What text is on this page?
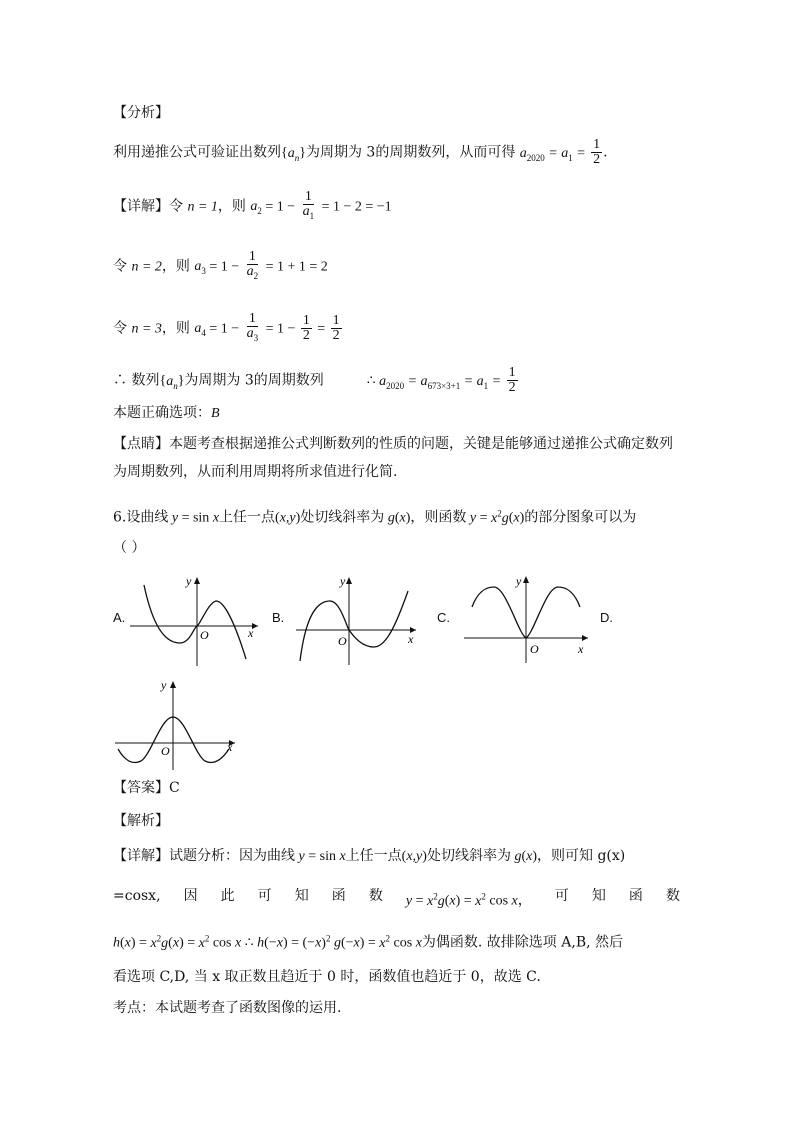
【分析】
利用递推公式可验证出数列$\{a_n\}$为周期为 3的周期数列，从而可得 $a_{2020} = a_1 = \frac{1}{2}$ .
【详解】令 n = 1，则 $a_2 = 1 - \frac{1}{a_1} = 1 - 2 = -1$
令 n = 2，则 $a_3 = 1 - \frac{1}{a_2} = 1 + 1 = 2$
令 n = 3，则 $a_4 = 1 - \frac{1}{a_3} = 1 - \frac{1}{2} = \frac{1}{2}$
∴ 数列$\{a_n\}$为周期为 3的周期数列	∴ $a_{2020} = a_{673\times 3+1} = a_1 = \frac{1}{2}$
本题正确选项：B
【点睛】本题考查根据递推公式判断数列的性质的问题，关键是能够通过递推公式确定数列
为周期数列，从而利用周期将所求值进行化简.
6.设曲线 y = sin x上任一点(x,y)处切线斜率为 g(x)，则函数 $y = x^2g(x)$的部分图象可以为
（ ）
A.	B.	C.	D.
y
x
O
y
x
O
y
x
O
y
x
O
【答案】C
【解析】
【详解】试题分析：因为曲线 y = sin x上任一点(x,y)处切线斜率为 g(x)，则可知 g(x)
=cosx, 因 此 可 知 函 数 $y = x^2g(x) = x^2$ cos x， 可 知 函 数
$h(x) = x^2g(x) = x^2$ cos x ∴ $h(-x) = (-x)^2$ $g(-x) = x^2$ cos x为偶函数. 故排除选项 A,B, 然后
看选项 C,D, 当 x 取正数且趋近于 0 时，函数值也趋近于 0，故选 C.
考点：本试题考查了函数图像的运用.
